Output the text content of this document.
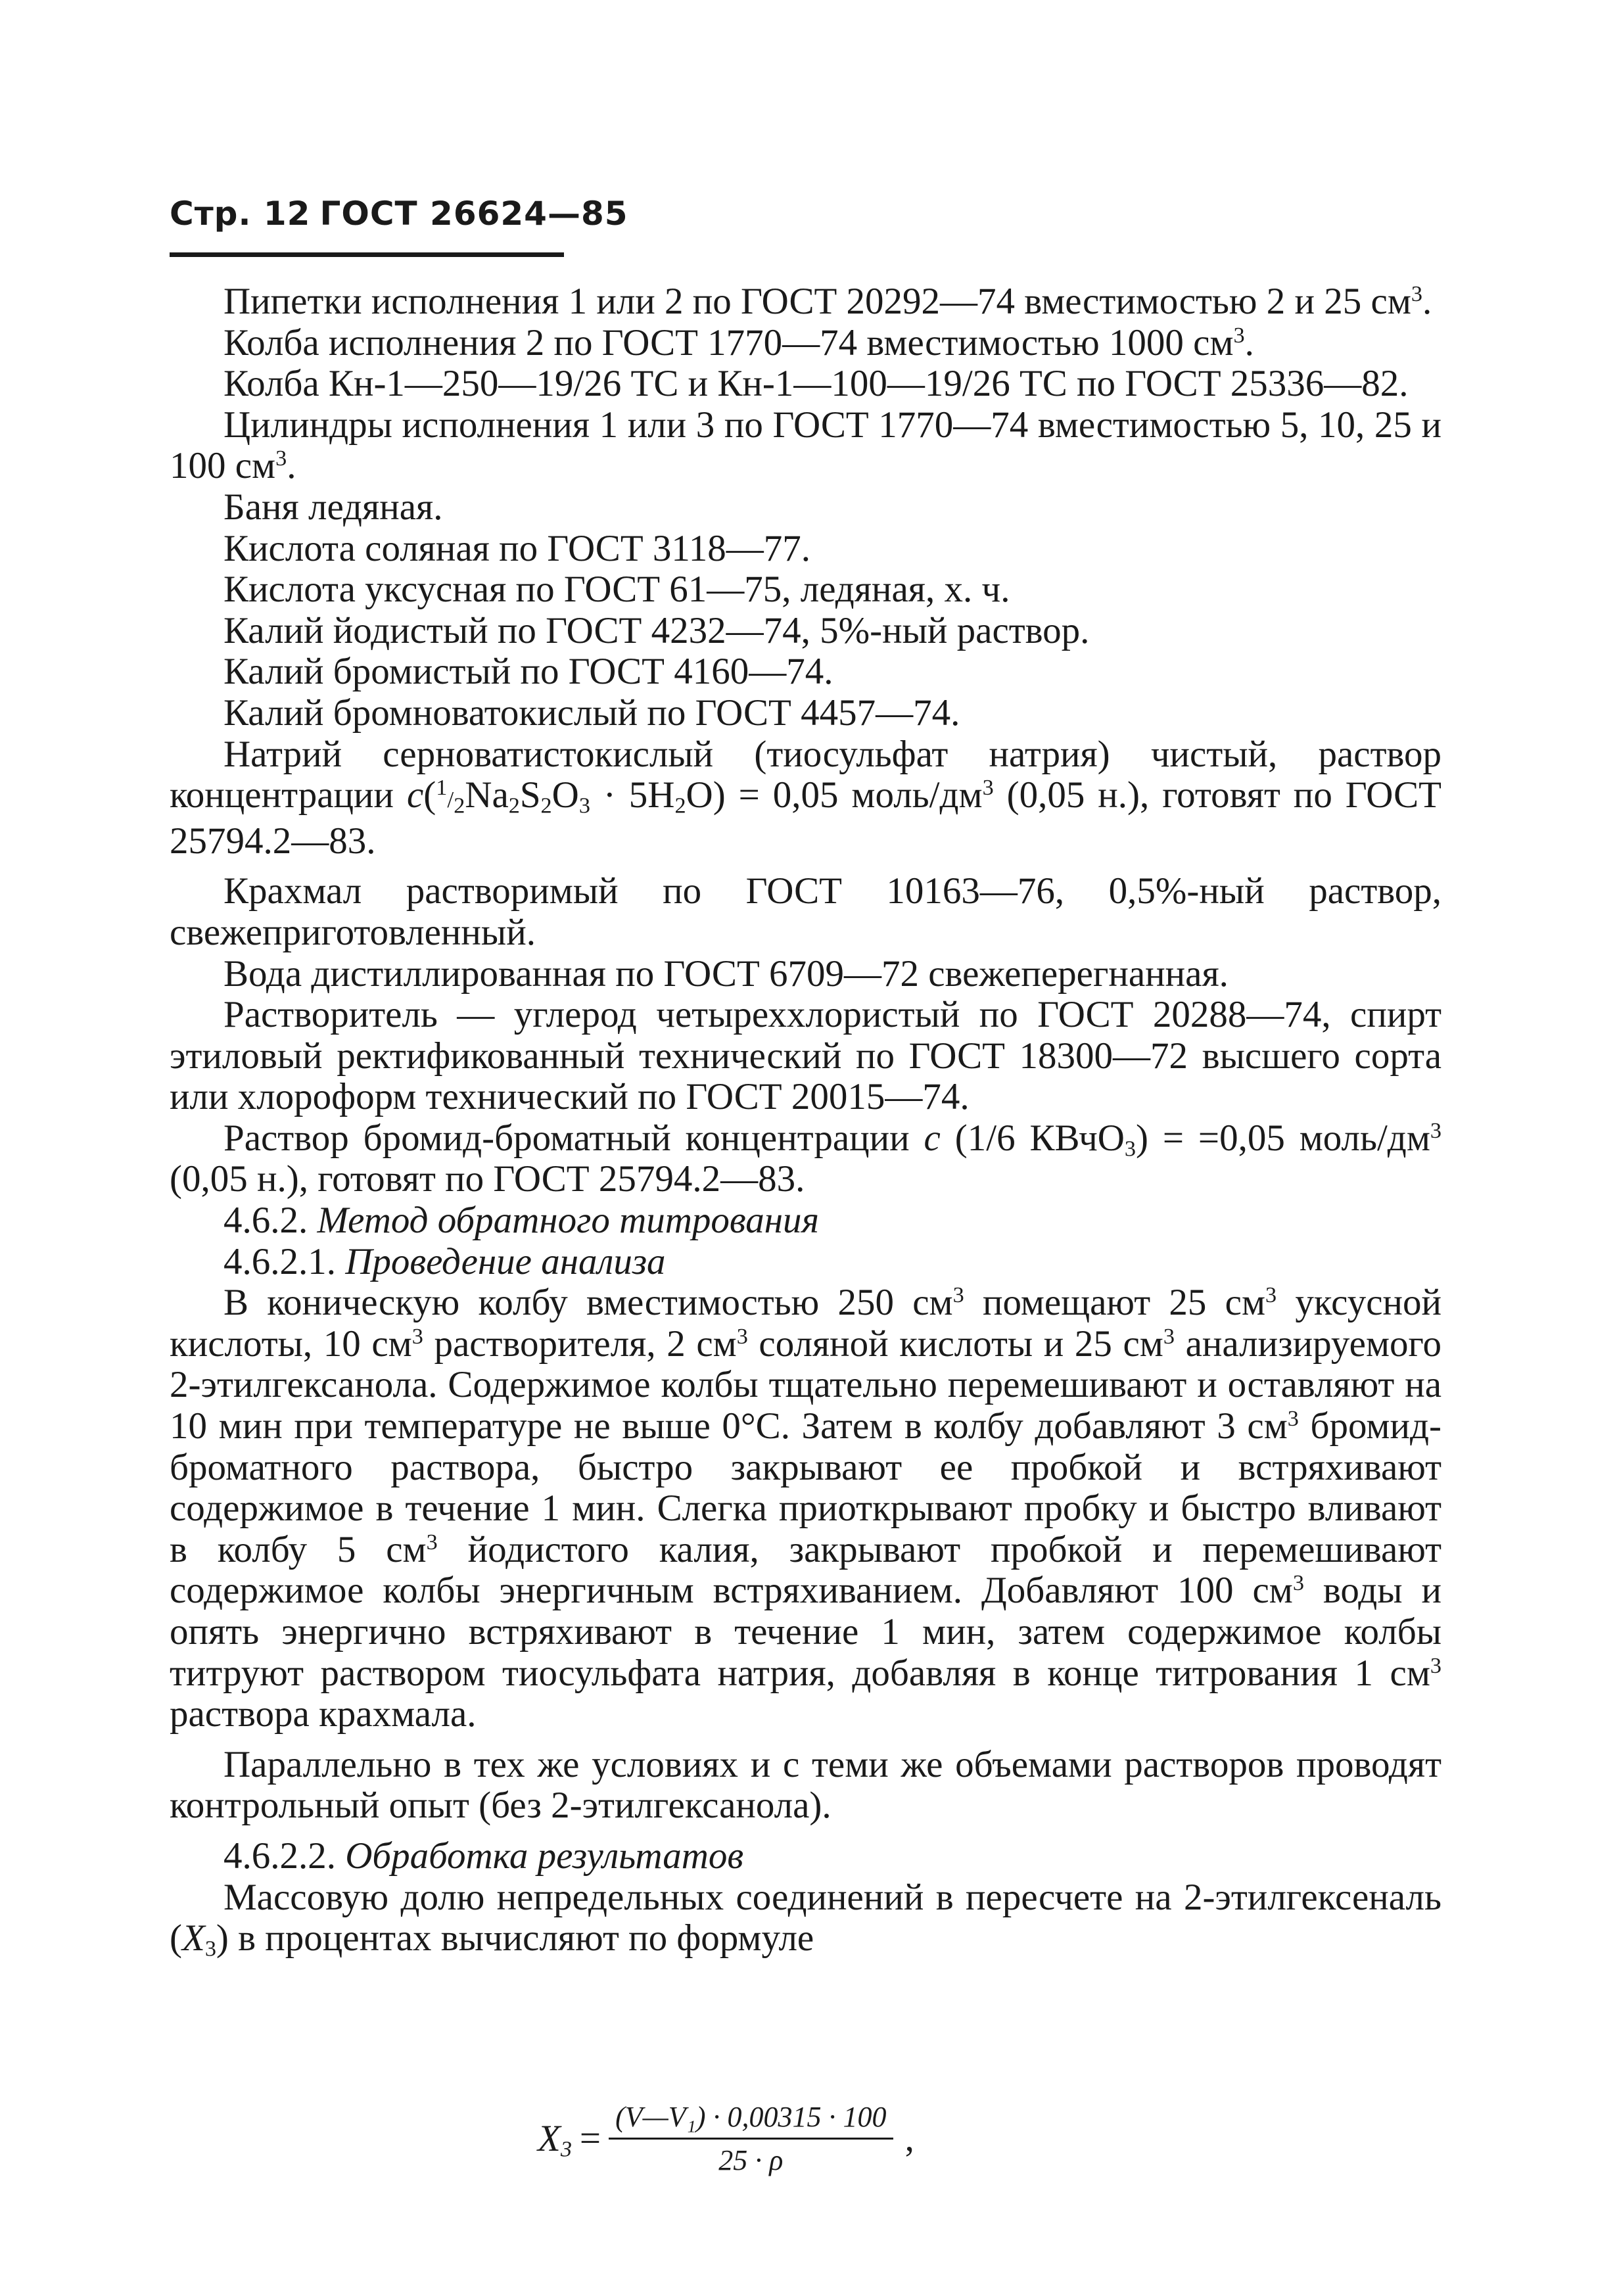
Стр. 12 ГОСТ 26624—85

Пипетки исполнения 1 или 2 по ГОСТ 20292—74 вместимостью 2 и 25 $см^3$.

Колба исполнения 2 по ГОСТ 1770—74 вместимостью 1000 $см^3$.

Колба Кн-1—250—19/26 ТС и Кн-1—100—19/26 ТС по ГОСТ 25336—82.

Цилиндры исполнения 1 или 3 по ГОСТ 1770—74 вместимостью 5, 10, 25 и 100 $см^3$.

Баня ледяная.

Кислота соляная по ГОСТ 3118—77.

Кислота уксусная по ГОСТ 61—75, ледяная, х. ч.

Калий йодистый по ГОСТ 4232—74, 5%-ный раствор.

Калий бромистый по ГОСТ 4160—74.

Калий бромноватокислый по ГОСТ 4457—74.

Натрий серноватистокислый (тиосульфат натрия) чистый, раствор концентрации $c(^1/_2Na_2S_2O_3 \cdot 5H_2O) = 0,05$ моль/$дм^3$ (0,05 н.), готовят по ГОСТ 25794.2—83.

Крахмал растворимый по ГОСТ 10163—76, 0,5%-ный раствор, свежеприготовленный.

Вода дистиллированная по ГОСТ 6709—72 свежеперегнанная.

Растворитель — углерод четыреххлористый по ГОСТ 20288—74, спирт этиловый ректификованный технический по ГОСТ 18300—72 высшего сорта или хлороформ технический по ГОСТ 20015—74.

Раствор бромид-броматный концентрации c (1/6 КВчО$_3$) = =0,05 моль/$дм^3$ (0,05 н.), готовят по ГОСТ 25794.2—83.

4.6.2. Метод обратного титрования

4.6.2.1. Проведение анализа

В коническую колбу вместимостью 250 $см^3$ помещают 25 $см^3$ уксусной кислоты, 10 $см^3$ растворителя, 2 $см^3$ соляной кислоты и 25 $см^3$ анализируемого 2-этилгексанола. Содержимое колбы тщательно перемешивают и оставляют на 10 мин при температуре не выше 0°С. Затем в колбу добавляют 3 $см^3$ бромид-броматного раствора, быстро закрывают ее пробкой и встряхивают содержимое в течение 1 мин. Слегка приоткрывают пробку и быстро вливают в колбу 5 $см^3$ йодистого калия, закрывают пробкой и перемешивают содержимое колбы энергичным встряхиванием. Добавляют 100 $см^3$ воды и опять энергично встряхивают в течение 1 мин, затем содержимое колбы титруют раствором тиосульфата натрия, добавляя в конце титрования 1 $см^3$ раствора крахмала.

Параллельно в тех же условиях и с теми же объемами растворов проводят контрольный опыт (без 2-этилгексанола).

4.6.2.2. Обработка результатов

Массовую долю непредельных соединений в пересчете на 2-этилгексеналь $(X_3)$ в процентах вычисляют по формуле

$X_3 = \frac{\text{(V—V₁) · 0,00315 · 100}}{25 \cdot \rho}$ ,
